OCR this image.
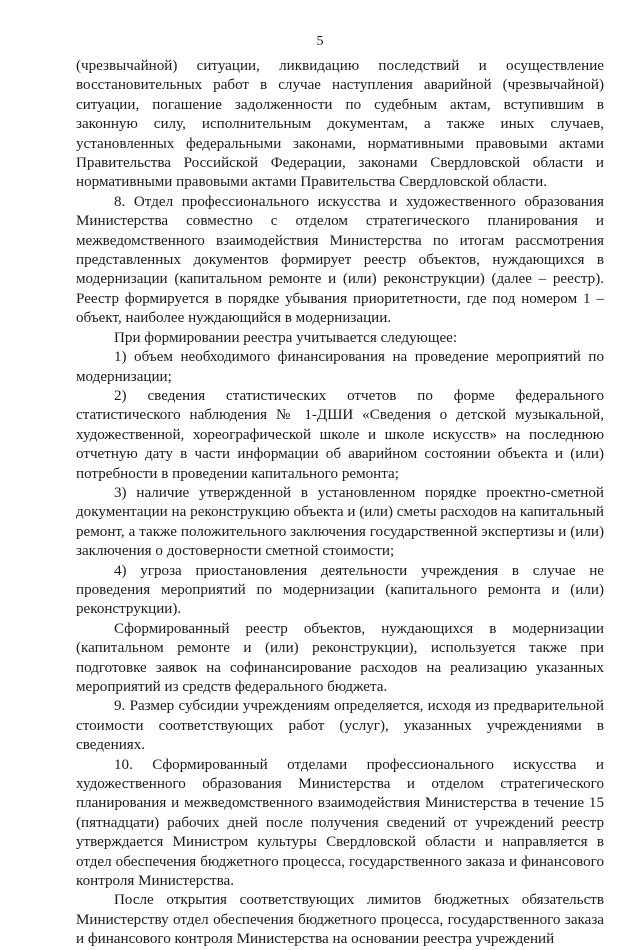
5

(чрезвычайной) ситуации, ликвидацию последствий и осуществление восстановительных работ в случае наступления аварийной (чрезвычайной) ситуации, погашение задолженности по судебным актам, вступившим в законную силу, исполнительным документам, а также иных случаев, установленных федеральными законами, нормативными правовыми актами Правительства Российской Федерации, законами Свердловской области и нормативными правовыми актами Правительства Свердловской области.

8. Отдел профессионального искусства и художественного образования Министерства совместно с отделом стратегического планирования и межведомственного взаимодействия Министерства по итогам рассмотрения представленных документов формирует реестр объектов, нуждающихся в модернизации (капитальном ремонте и (или) реконструкции) (далее – реестр). Реестр формируется в порядке убывания приоритетности, где под номером 1 – объект, наиболее нуждающийся в модернизации.

При формировании реестра учитывается следующее:

1) объем необходимого финансирования на проведение мероприятий по модернизации;

2) сведения статистических отчетов по форме федерального статистического наблюдения № 1-ДШИ «Сведения о детской музыкальной, художественной, хореографической школе и школе искусств» на последнюю отчетную дату в части информации об аварийном состоянии объекта и (или) потребности в проведении капитального ремонта;

3) наличие утвержденной в установленном порядке проектно-сметной документации на реконструкцию объекта и (или) сметы расходов на капитальный ремонт, а также положительного заключения государственной экспертизы и (или) заключения о достоверности сметной стоимости;

4) угроза приостановления деятельности учреждения в случае не проведения мероприятий по модернизации (капитального ремонта и (или) реконструкции).

Сформированный реестр объектов, нуждающихся в модернизации (капитальном ремонте и (или) реконструкции), используется также при подготовке заявок на софинансирование расходов на реализацию указанных мероприятий из средств федерального бюджета.

9. Размер субсидии учреждениям определяется, исходя из предварительной стоимости соответствующих работ (услуг), указанных учреждениями в сведениях.

10. Сформированный отделами профессионального искусства и художественного образования Министерства и отделом стратегического планирования и межведомственного взаимодействия Министерства в течение 15 (пятнадцати) рабочих дней после получения сведений от учреждений реестр утверждается Министром культуры Свердловской области и направляется в отдел обеспечения бюджетного процесса, государственного заказа и финансового контроля Министерства.

После открытия соответствующих лимитов бюджетных обязательств Министерству отдел обеспечения бюджетного процесса, государственного заказа и финансового контроля Министерства на основании реестра учреждений
